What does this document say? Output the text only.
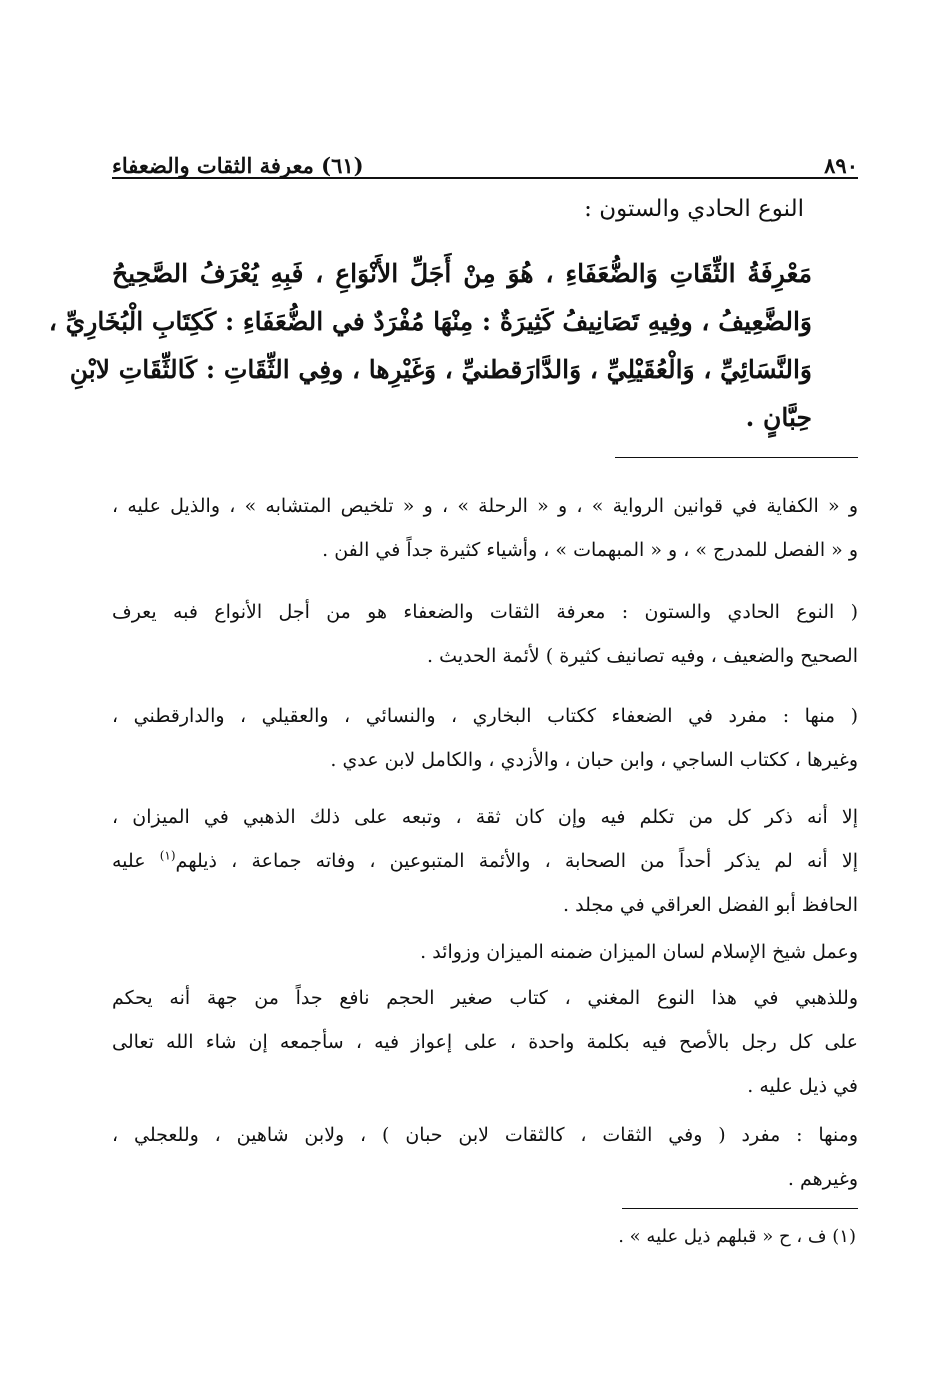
٨٩٠
(٦١) معرفة الثقات والضعفاء
النوع الحادي والستون :
مَعْرِفَةُ الثِّقَاتِ وَالضُّعَفَاءِ ، هُوَ مِنْ أَجَلِّ الأَنْوَاعِ ، فَبِهِ يُعْرَفُ الصَّحِيحُ
وَالضَّعِيفُ ، وفِيهِ تَصَانِيفُ كَثِيرَةٌ : مِنْهَا مُفْرَدٌ في الضُّعَفَاءِ : كَكِتَابِ الْبُخَارِيِّ ،
وَالنَّسَائِيِّ ، وَالْعُقَيْلِيِّ ، وَالدَّارَقطنيِّ ، وَغَيْرِها ، وفِي الثِّقَاتِ : كَالثِّقَاتِ لابْنِ
حِبَّانٍ .
و « الكفاية في قوانين الرواية » ، و « الرحلة » ، و « تلخيص المتشابه » ، والذيل عليه ،
و « الفصل للمدرج » ، و « المبهمات » ، وأشياء كثيرة جداً في الفن .
( النوع الحادي والستون : معرفة الثقات والضعفاء هو من أجل الأنواع فبه يعرف
الصحيح والضعيف ، وفيه تصانيف كثيرة ) لأئمة الحديث .
( منها : مفرد في الضعفاء ككتاب البخاري ، والنسائي ، والعقيلي ، والدارقطني ،
وغيرها ، ككتاب الساجي ، وابن حبان ، والأزدي ، والكامل لابن عدي .
إلا أنه ذكر كل من تكلم فيه وإن كان ثقة ، وتبعه على ذلك الذهبي في الميزان ،
إلا أنه لم يذكر أحداً من الصحابة ، والأئمة المتبوعين ، وفاته جماعة ، ذيلهم$^{(١)}$ عليه
الحافظ أبو الفضل العراقي في مجلد .
وعمل شيخ الإسلام لسان الميزان ضمنه الميزان وزوائد .
وللذهبي في هذا النوع المغني ، كتاب صغير الحجم نافع جداً من جهة أنه يحكم
على كل رجل بالأصح فيه بكلمة واحدة ، على إعواز فيه ، سأجمعه إن شاء الله تعالى
في ذيل عليه .
ومنها : مفرد ( وفي الثقات ، كالثقات لابن حبان ) ، ولابن شاهين ، وللعجلي ،
وغيرهم .
(١) ف ، ح « قبلهم ذيل عليه » .
